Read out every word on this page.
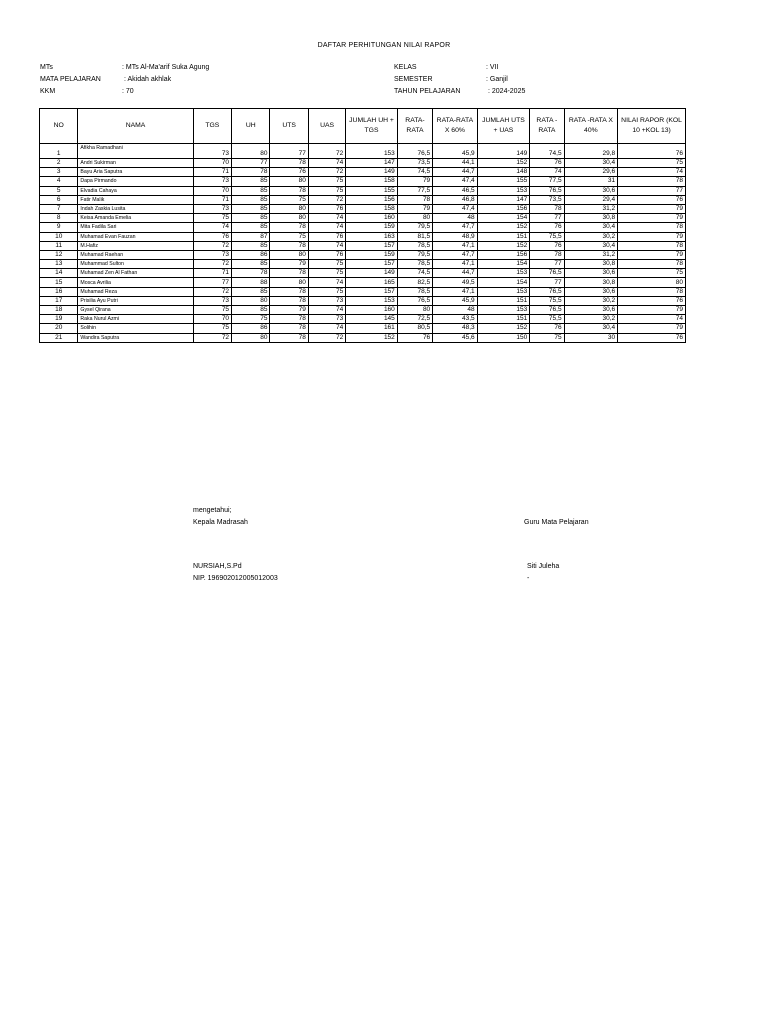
DAFTAR PERHITUNGAN NILAI RAPOR
MTs	: MTs Al-Ma'arif Suka Agung
MATA PELAJARAN	: Akidah akhlak
KKM	: 70
KELAS	: VII
SEMESTER	: Ganjil
TAHUN PELAJARAN	: 2024-2025
NO	NAMA	TGS	UH	UTS	UAS	JUMLAH UH + TGS	RATA-RATA	RATA-RATA X 60%	JUMLAH UTS + UAS	RATA - RATA	RATA -RATA X 40%	NILAI RAPOR (KOL 10 +KOL 13)
1	Afikha Ramadhani	73	80	77	72	153	76,5	45,9	149	74,5	29,8	76
2	Andri Sukirman	70	77	78	74	147	73,5	44,1	152	76	30,4	75
3	Bayu Aria Saputra	71	78	76	72	149	74,5	44,7	148	74	29,6	74
4	Dapa Pirmando	73	85	80	75	158	79	47,4	155	77,5	31	78
5	Elvadia Cahaya	70	85	78	75	155	77,5	46,5	153	76,5	30,6	77
6	Fatir Malik	71	85	75	72	156	78	46,8	147	73,5	29,4	76
7	Indah Zaskia Lusita	73	85	80	76	158	79	47,4	156	78	31,2	79
8	Keisa Amanda Emelia	75	85	80	74	160	80	48	154	77	30,8	79
9	Mita Fadila Sari	74	85	78	74	159	79,5	47,7	152	76	30,4	78
10	Muhamad Evan Fauzan	76	87	75	76	163	81,5	48,9	151	75,5	30,2	79
11	M.Hafiz	72	85	78	74	157	78,5	47,1	152	76	30,4	78
12	Muhamad Raehan	73	86	80	76	159	79,5	47,7	156	78	31,2	79
13	Muhammad Sulton	72	85	79	75	157	78,5	47,1	154	77	30,8	78
14	Muhamad Zen Al Fathan	71	78	78	75	149	74,5	44,7	153	76,5	30,6	75
15	Mosca Avrilia	77	88	80	74	165	82,5	49,5	154	77	30,8	80
16	Muhamad Reza	72	85	78	75	157	78,5	47,1	153	76,5	30,6	78
17	Prisilia Ayu Putri	73	80	78	73	153	76,5	45,9	151	75,5	30,2	76
18	Gysel Qirana	75	85	79	74	160	80	48	153	76,5	30,6	79
19	Raka Nurul Azmi	70	75	78	73	145	72,5	43,5	151	75,5	30,2	74
20	Solihin	75	86	78	74	161	80,5	48,3	152	76	30,4	79
21	Wandira Saputra	72	80	78	72	152	76	45,6	150	75	30	76
mengetahui;
Kepala Madrasah	Guru Mata Pelajaran
NURSIAH,S.Pd
NIP. 196902012005012003
Siti Juleha
-
